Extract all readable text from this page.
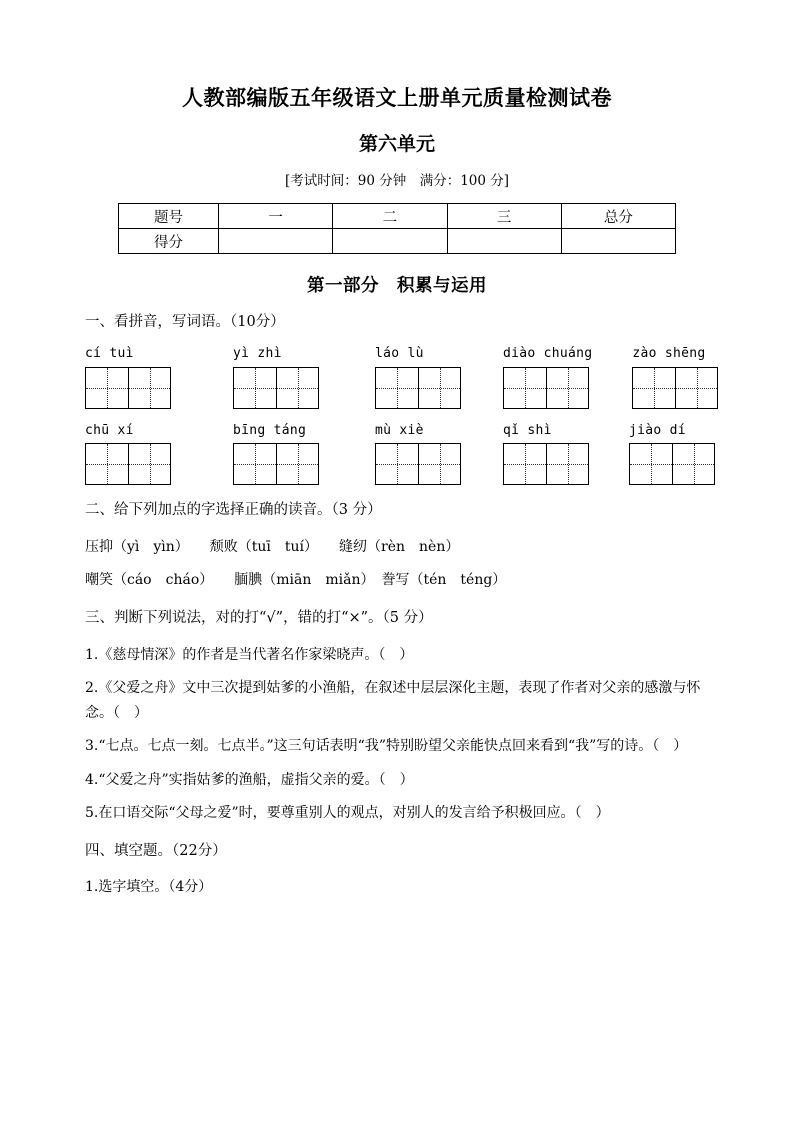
人教部编版五年级语文上册单元质量检测试卷
第六单元

[考试时间：90 分钟　满分：100 分]

题号	一	二	三	总分
得分				
第一部分　积累与运用

一、看拼音，写词语。（10分）

cí tuì	yì zhì	láo lù	diào chuáng	zào shēng
chū xí	bīng táng	mù xiè	qǐ shì	jiào dí

二、给下列加点的字选择正确的读音。（3 分）

压抑（yì　yìn）　　颓败（tuī　tuí）　　缝纫（rèn　nèn）

嘲笑（cáo　cháo）　　腼腆（miān　miǎn）　誊写（tén　téng）

三、判断下列说法，对的打“√”，错的打“×”。（5 分）

1.《慈母情深》的作者是当代著名作家梁晓声。（　）

2.《父爱之舟》文中三次提到姑爹的小渔船，在叙述中层层深化主题，表现了作者对父亲的感激与怀念。（　）

3.“七点。七点一刻。七点半。”这三句话表明“我”特别盼望父亲能快点回来看到“我”写的诗。（　）

4.“父爱之舟”实指姑爹的渔船，虚指父亲的爱。（　）

5.在口语交际“父母之爱”时，要尊重别人的观点，对别人的发言给予积极回应。（　）

四、填空题。（22分）

1.选字填空。（4分）
